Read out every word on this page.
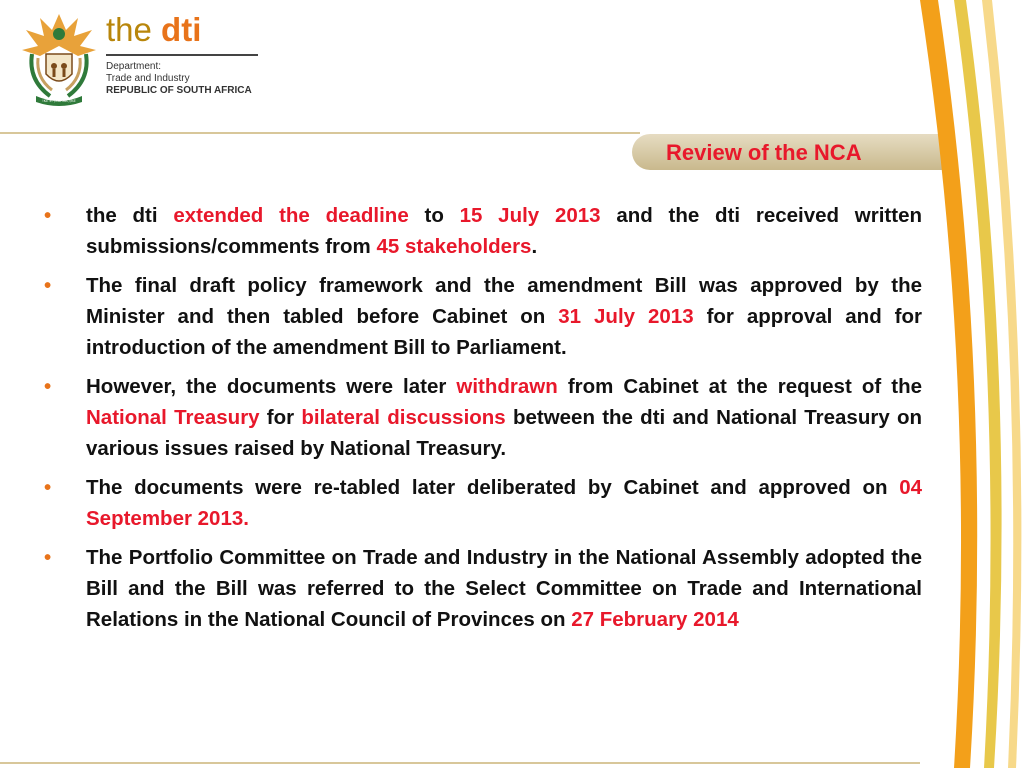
!KE E: /XARRA //KE
the dti
Department:
Trade and Industry
REPUBLIC OF SOUTH AFRICA
Review of the NCA
• the dti extended the deadline to 15 July 2013 and the dti received written submissions/comments from 45 stakeholders.
• The final draft policy framework and the amendment Bill was approved by the Minister and then tabled before Cabinet on 31 July 2013 for approval and for introduction of the amendment Bill to Parliament.
• However, the documents were later withdrawn from Cabinet at the request of the National Treasury for bilateral discussions between the dti and National Treasury on various issues raised by National Treasury.
• The documents were re-tabled later deliberated by Cabinet and approved on 04 September 2013.
• The Portfolio Committee on Trade and Industry in the National Assembly adopted the Bill and the Bill was referred to the Select Committee on Trade and International Relations in the National Council of Provinces on 27 February 2014
